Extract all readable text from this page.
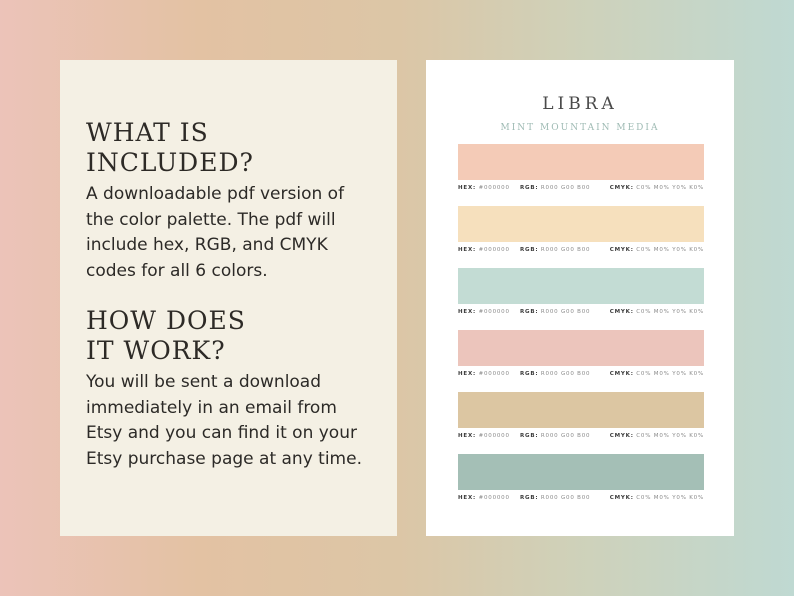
WHAT IS
INCLUDED?

A downloadable pdf version of the color palette. The pdf will include hex, RGB, and CMYK codes for all 6 colors.

HOW DOES
IT WORK?

You will be sent a download immediately in an email from Etsy and you can find it on your Etsy purchase page at any time.

LIBRA
MINT MOUNTAIN MEDIA
HEX: #000000 RGB: R000 G00 B00	CMYK: C0% M0% Y0% K0%
HEX: #000000 RGB: R000 G00 B00	CMYK: C0% M0% Y0% K0%
HEX: #000000 RGB: R000 G00 B00	CMYK: C0% M0% Y0% K0%
HEX: #000000 RGB: R000 G00 B00	CMYK: C0% M0% Y0% K0%
HEX: #000000 RGB: R000 G00 B00	CMYK: C0% M0% Y0% K0%
HEX: #000000 RGB: R000 G00 B00	CMYK: C0% M0% Y0% K0%
